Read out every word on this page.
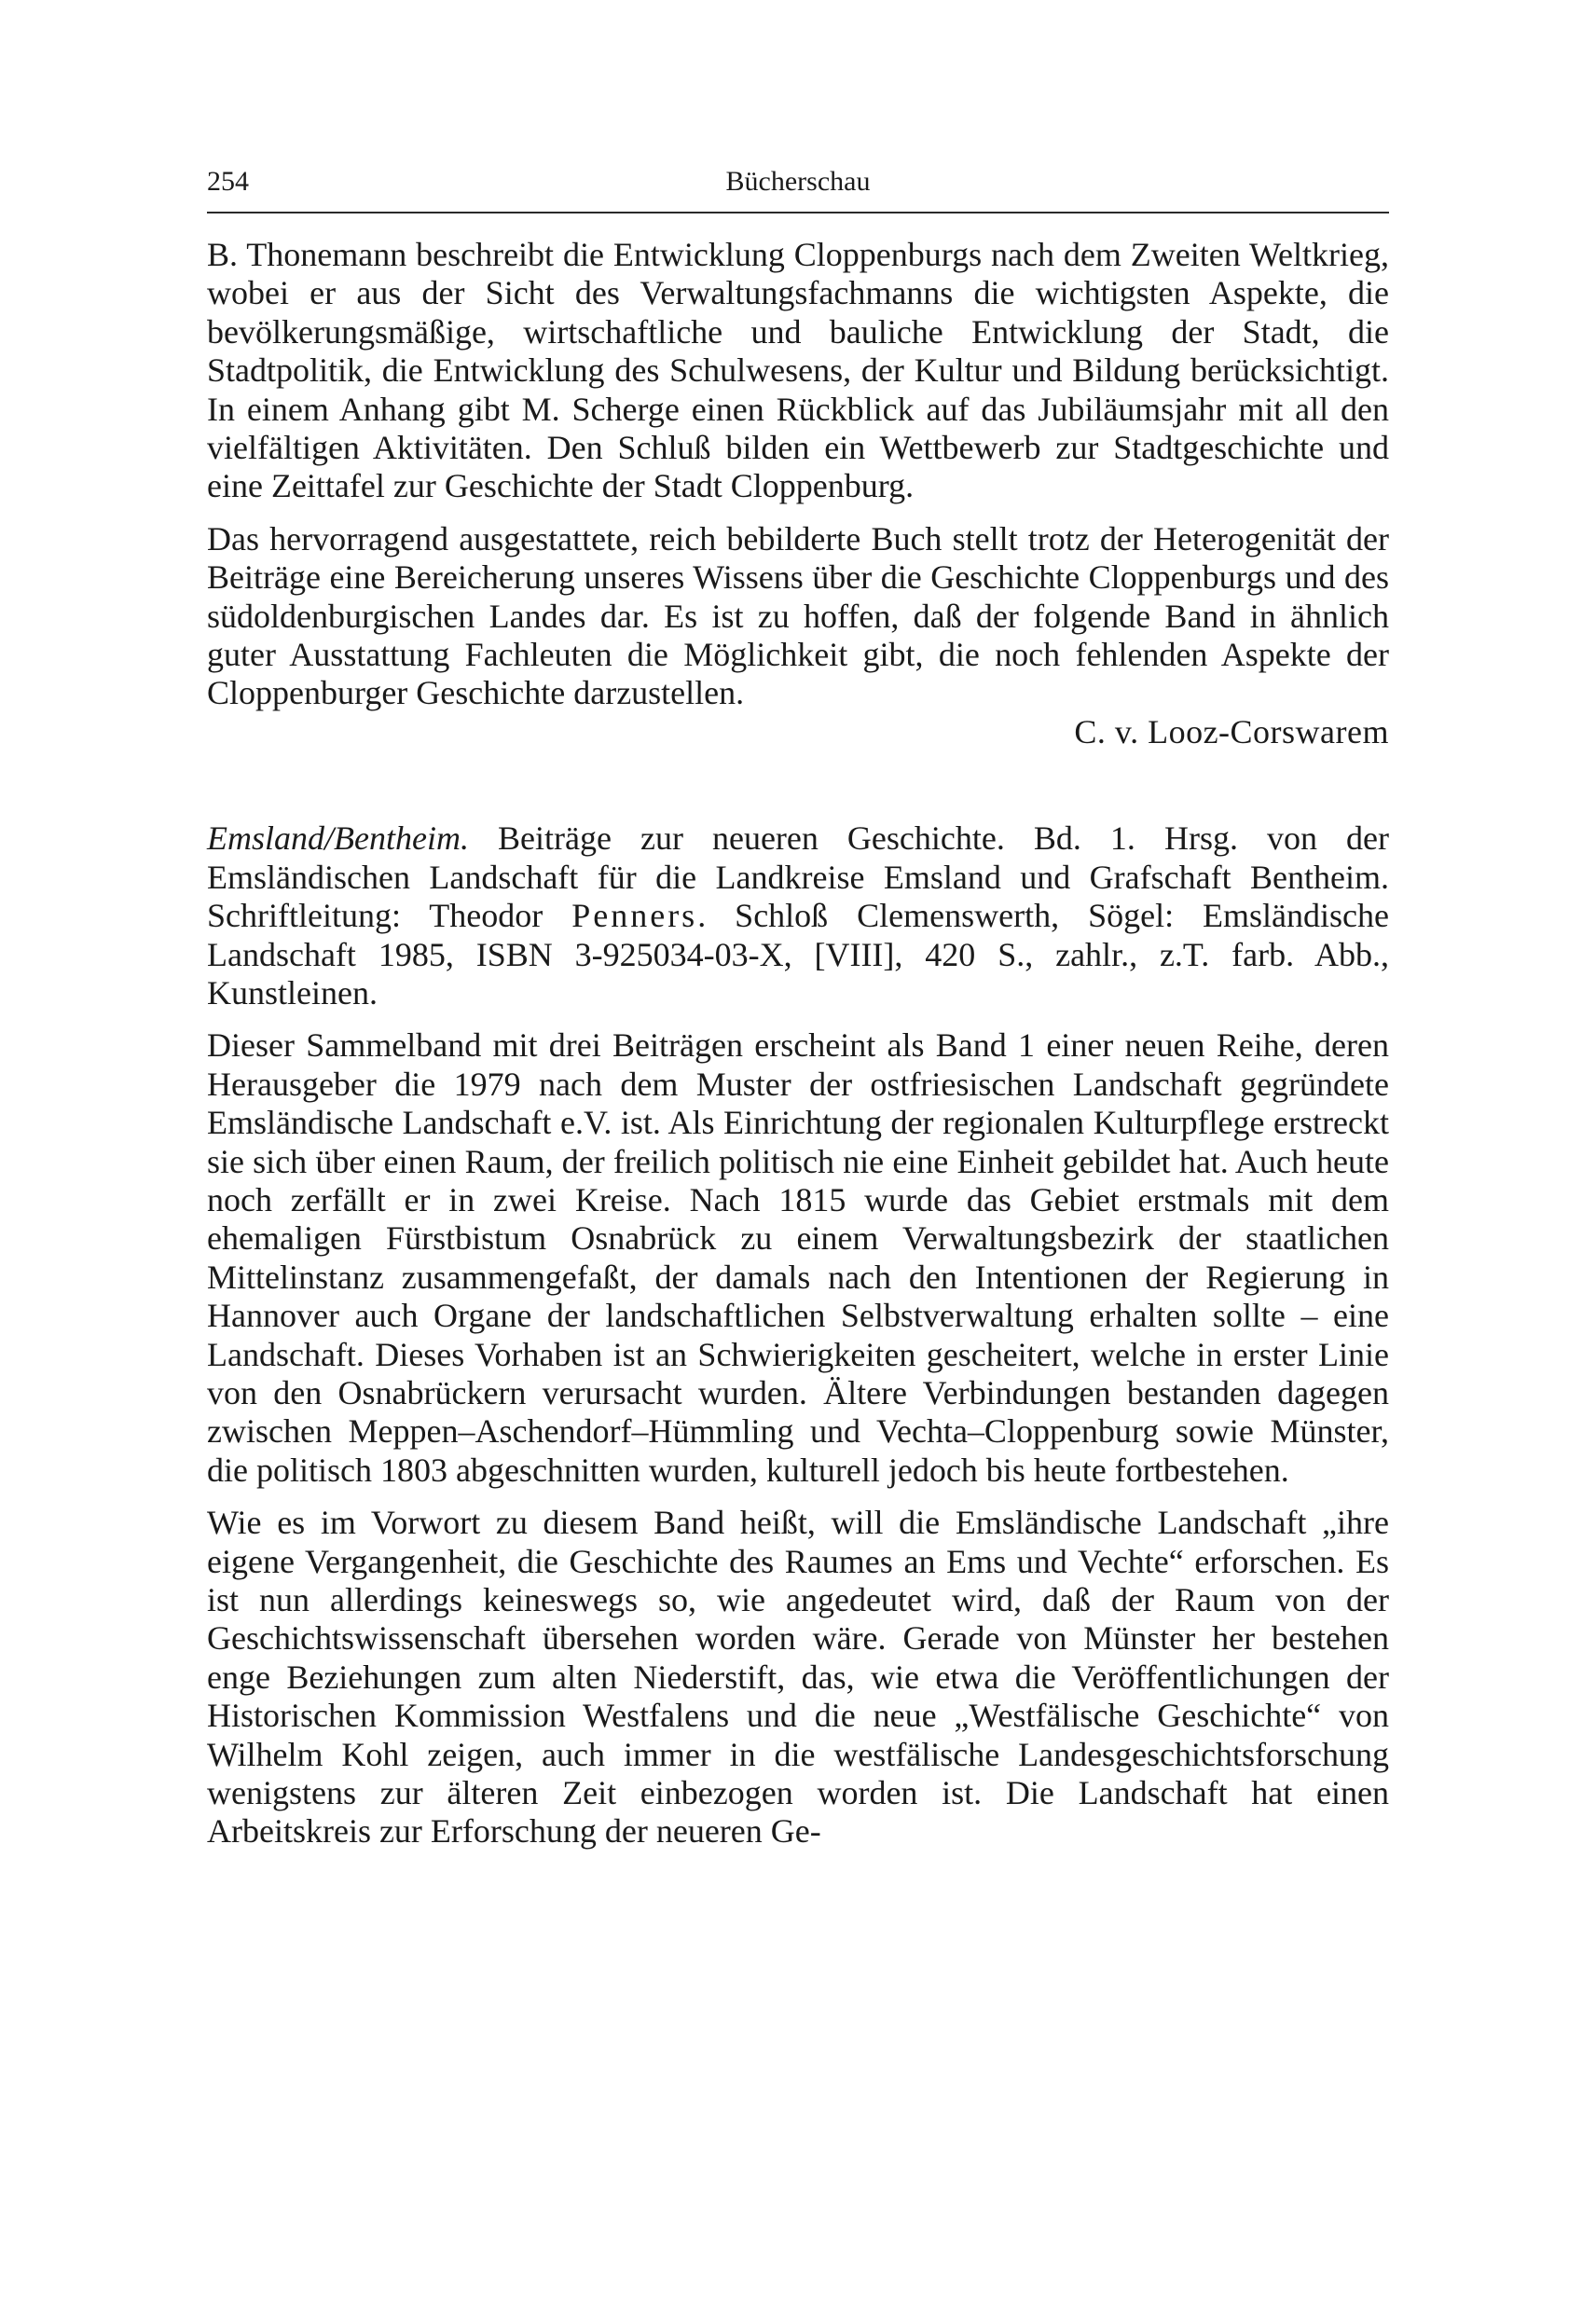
254	Bücherschau

B. Thonemann beschreibt die Entwicklung Cloppenburgs nach dem Zweiten Weltkrieg, wobei er aus der Sicht des Verwaltungsfachmanns die wichtigsten Aspekte, die bevölkerungsmäßige, wirtschaftliche und bauliche Entwicklung der Stadt, die Stadtpolitik, die Entwicklung des Schulwesens, der Kultur und Bildung berücksichtigt. In einem Anhang gibt M. Scherge einen Rückblick auf das Jubiläumsjahr mit all den vielfältigen Aktivitäten. Den Schluß bilden ein Wettbewerb zur Stadtgeschichte und eine Zeittafel zur Geschichte der Stadt Cloppenburg.

Das hervorragend ausgestattete, reich bebilderte Buch stellt trotz der Heterogenität der Beiträge eine Bereicherung unseres Wissens über die Geschichte Cloppenburgs und des südoldenburgischen Landes dar. Es ist zu hoffen, daß der folgende Band in ähnlich guter Ausstattung Fachleuten die Möglichkeit gibt, die noch fehlenden Aspekte der Cloppenburger Geschichte darzustellen.

C. v. Looz-Corswarem

Emsland/Bentheim. Beiträge zur neueren Geschichte. Bd. 1. Hrsg. von der Emsländischen Landschaft für die Landkreise Emsland und Grafschaft Bentheim. Schriftleitung: Theodor Penners. Schloß Clemenswerth, Sögel: Emsländische Landschaft 1985, ISBN 3-925034-03-X, [VIII], 420 S., zahlr., z.T. farb. Abb., Kunstleinen.

Dieser Sammelband mit drei Beiträgen erscheint als Band 1 einer neuen Reihe, deren Herausgeber die 1979 nach dem Muster der ostfriesischen Landschaft gegründete Emsländische Landschaft e.V. ist. Als Einrichtung der regionalen Kulturpflege erstreckt sie sich über einen Raum, der freilich politisch nie eine Einheit gebildet hat. Auch heute noch zerfällt er in zwei Kreise. Nach 1815 wurde das Gebiet erstmals mit dem ehemaligen Fürstbistum Osnabrück zu einem Verwaltungsbezirk der staatlichen Mittelinstanz zusammengefaßt, der damals nach den Intentionen der Regierung in Hannover auch Organe der landschaftlichen Selbstverwaltung erhalten sollte – eine Landschaft. Dieses Vorhaben ist an Schwierigkeiten gescheitert, welche in erster Linie von den Osnabrückern verursacht wurden. Ältere Verbindungen bestanden dagegen zwischen Meppen–Aschendorf–Hümmling und Vechta–Cloppenburg sowie Münster, die politisch 1803 abgeschnitten wurden, kulturell jedoch bis heute fortbestehen.

Wie es im Vorwort zu diesem Band heißt, will die Emsländische Landschaft „ihre eigene Vergangenheit, die Geschichte des Raumes an Ems und Vechte“ erforschen. Es ist nun allerdings keineswegs so, wie angedeutet wird, daß der Raum von der Geschichtswissenschaft übersehen worden wäre. Gerade von Münster her bestehen enge Beziehungen zum alten Niederstift, das, wie etwa die Veröffentlichungen der Historischen Kommission Westfalens und die neue „Westfälische Geschichte“ von Wilhelm Kohl zeigen, auch immer in die westfälische Landesgeschichtsforschung wenigstens zur älteren Zeit einbezogen worden ist. Die Landschaft hat einen Arbeitskreis zur Erforschung der neueren Ge-
